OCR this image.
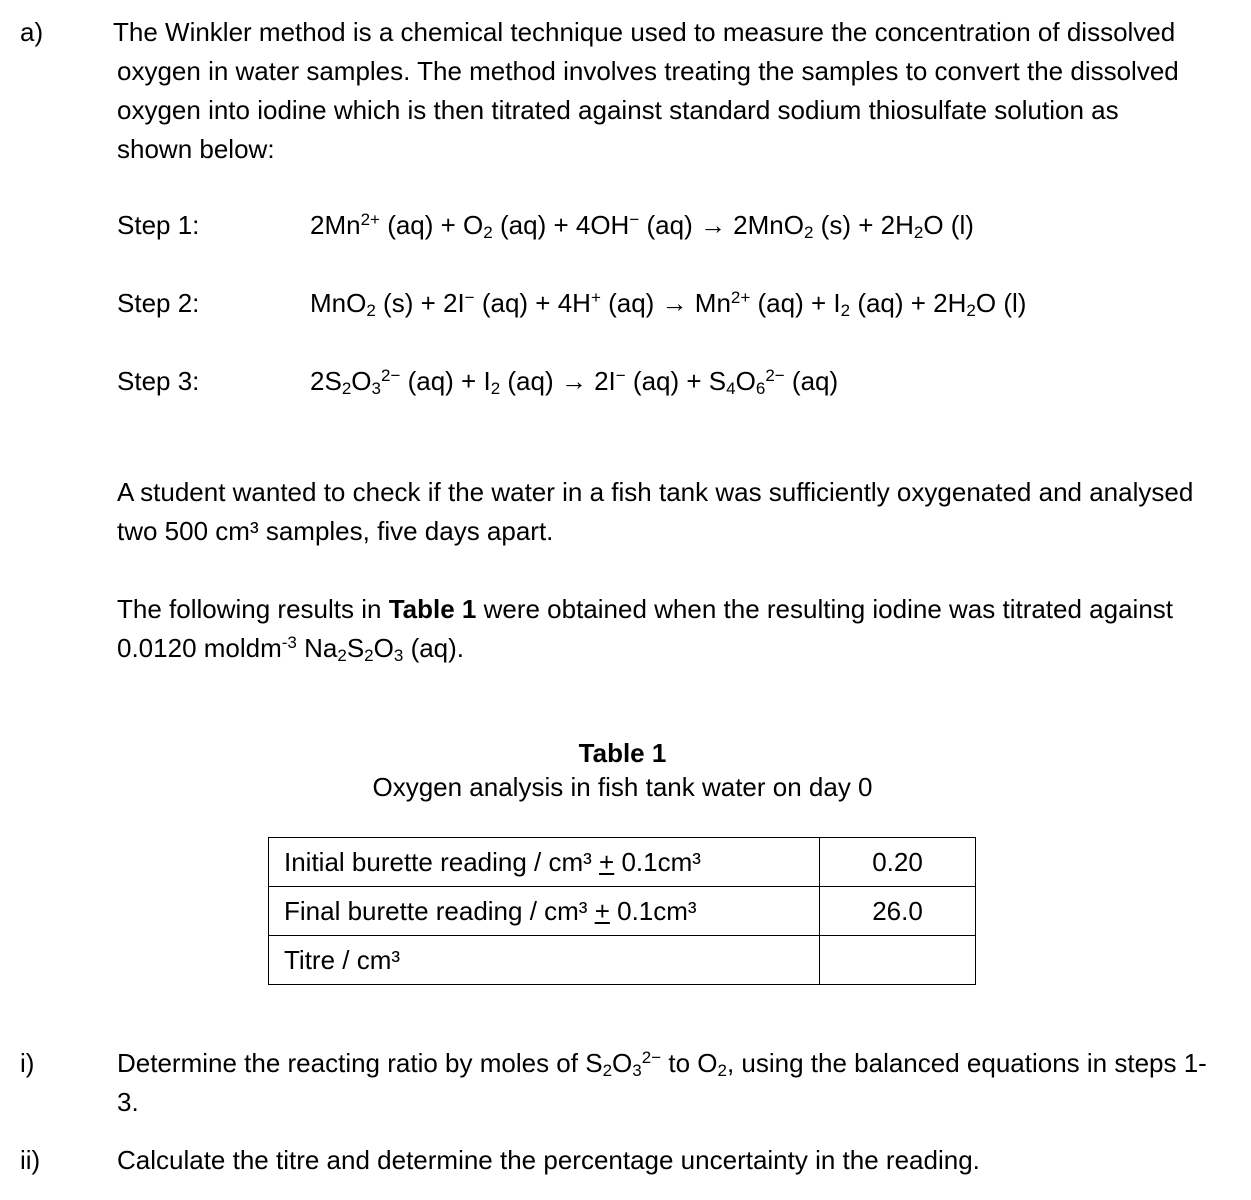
a)	The Winkler method is a chemical technique used to measure the concentration of dissolved oxygen in water samples. The method involves treating the samples to convert the dissolved oxygen into iodine which is then titrated against standard sodium thiosulfate solution as shown below:
Step 1:	$2Mn^{2+}$ $(aq) + O_2$ (aq) + 4OH− (aq) → 2MnO$_2$ $(s) + 2H_2O$ (l)
Step 2:	MnO$_2$ (s) + 2I− (aq) + 4H+ $(aq) \to Mn^{2+}$ $(aq) + I_2$ $(aq) + 2H_2O$ (l)
Step 3:	$2S_2O_3^{2-}$ $(aq) + I_2$ (aq) → 2I− $(aq) + S_4O_6^{2-}$ (aq)
A student wanted to check if the water in a fish tank was sufficiently oxygenated and analysed two 500 cm³ samples, five days apart.
The following results in Table 1 were obtained when the resulting iodine was titrated against 0.0120 moldm$^{-3}$ $Na_2S_2O_3$ (aq).
Table 1
Oxygen analysis in fish tank water on day 0
Initial burette reading / cm³ + 0.1cm³	0.20
Final burette reading / cm³ + 0.1cm³	26.0
Titre / cm³	
i)	Determine the reacting ratio by moles of $S_2O_3^{2-}$ to $O_2$, using the balanced equations in steps 1-3.
ii)	Calculate the titre and determine the percentage uncertainty in the reading.
